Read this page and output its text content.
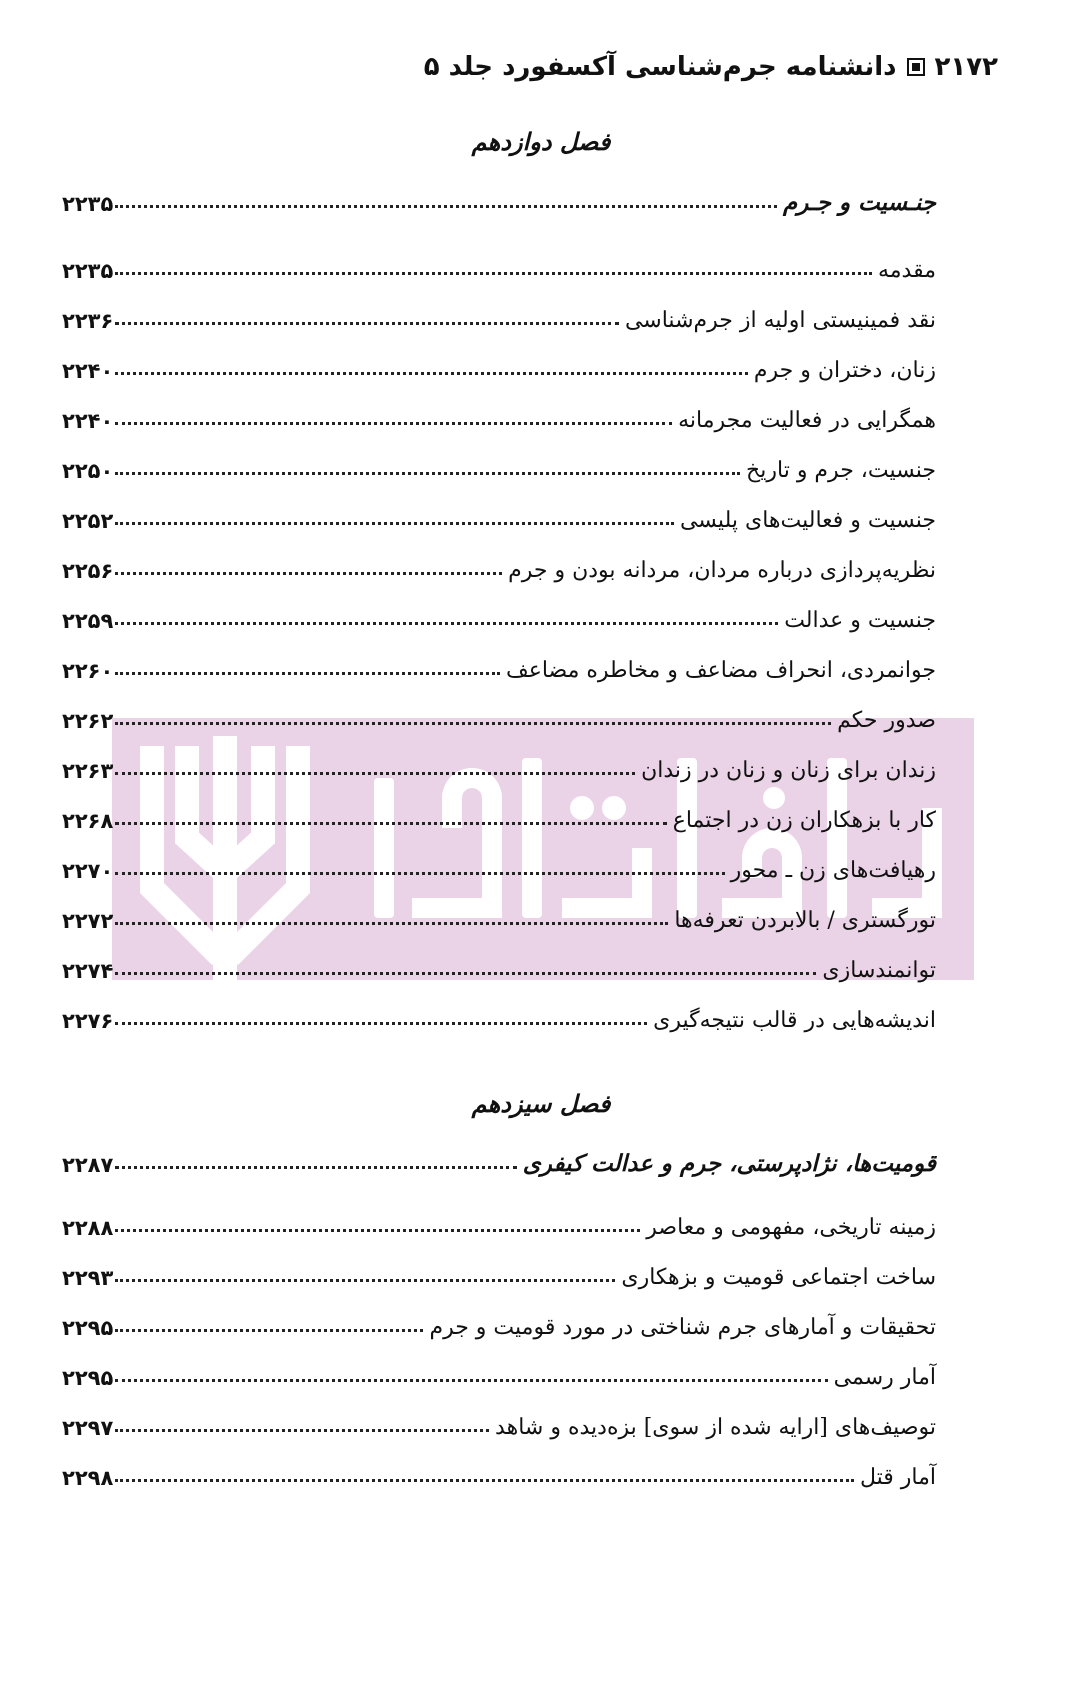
۲۱۷۲
دانشنامه جرم‌شناسی آکسفورد جلد ۵
فصل دوازدهم
جنـسیت و جـرم
۲۲۳۵
مقدمه
۲۲۳۵
نقد فمینیستی اولیه از جرم‌شناسی
۲۲۳۶
زنان، دختران و جرم
۲۲۴۰
همگرایی در فعالیت مجرمانه
۲۲۴۰
جنسیت، جرم و تاریخ
۲۲۵۰
جنسیت و فعالیت‌های پلیسی
۲۲۵۲
نظریه‌پردازی درباره مردان، مردانه بودن و جرم
۲۲۵۶
جنسیت و عدالت
۲۲۵۹
جوانمردی، انحراف مضاعف و مخاطره مضاعف
۲۲۶۰
صدور حکم
۲۲۶۲
زندان برای زنان و زنان در زندان
۲۲۶۳
کار با بزهکاران زن در اجتماع
۲۲۶۸
رهیافت‌های زن ـ محور
۲۲۷۰
تورگستری / بالابردن تعرفه‌ها
۲۲۷۲
توانمندسازی
۲۲۷۴
اندیشه‌هایی در قالب نتیجه‌گیری
۲۲۷۶
فصل سیزدهم
قومیت‌ها، نژادپرستی، جرم و عدالت کیفری
۲۲۸۷
زمینه تاریخی، مفهومی و معاصر
۲۲۸۸
ساخت اجتماعی قومیت و بزهکاری
۲۲۹۳
تحقیقات و آمارهای جرم شناختی در مورد قومیت و جرم
۲۲۹۵
آمار رسمی
۲۲۹۵
توصیف‌های [ارایه شده از سوی] بزه‌دیده و شاهد
۲۲۹۷
آمار قتل
۲۲۹۸
